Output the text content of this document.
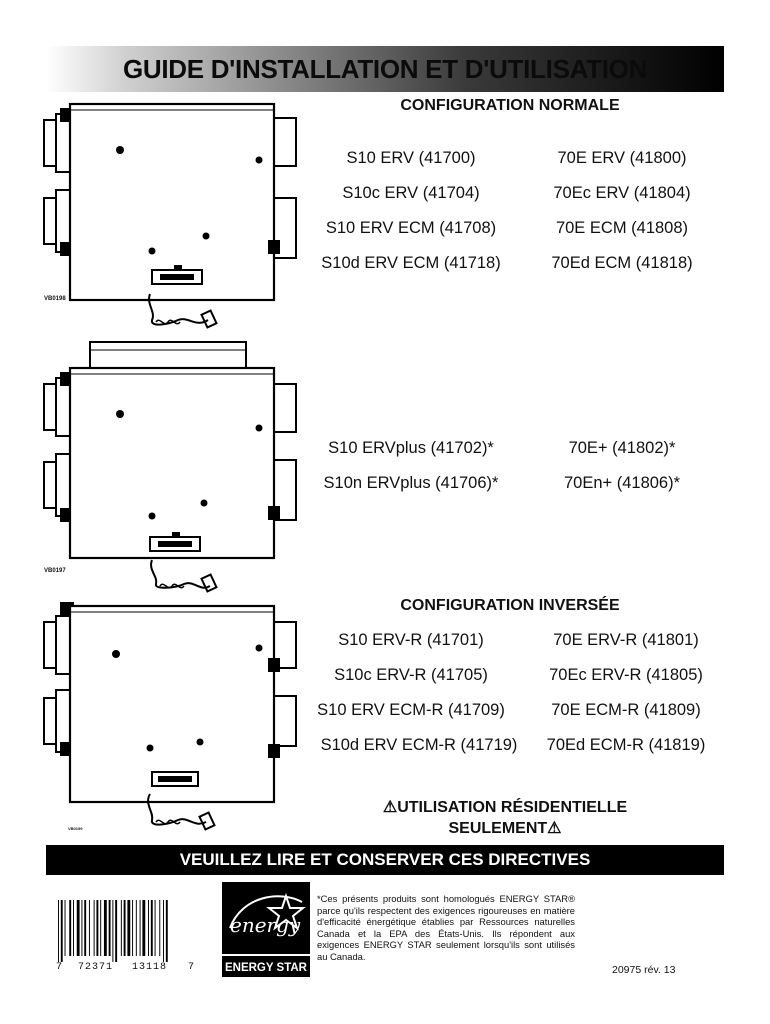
GUIDE D'INSTALLATION ET D'UTILISATION
VB0198
VB0197
VB0199
CONFIGURATION NORMALE
S10 ERV (41700)
S10c ERV (41704)
S10 ERV ECM (41708)
S10d ERV ECM (41718)
70E ERV (41800)
70Ec ERV (41804)
70E ECM (41808)
70Ed ECM (41818)
S10 ERVplus (41702)*
S10n ERVplus (41706)*
70E+ (41802)*
70En+ (41806)*
CONFIGURATION INVERSÉE
S10 ERV-R (41701)
S10c ERV-R (41705)
S10 ERV ECM-R (41709)
S10d ERV ECM-R (41719)
70E ERV-R (41801)
70Ec ERV-R (41805)
70E ECM-R (41809)
70Ed ECM-R (41819)
⚠UTILISATION RÉSIDENTIELLE
SEULEMENT⚠
VEUILLEZ LIRE ET CONSERVER CES DIRECTIVES
7 72371 13118 7
energy
ENERGY STAR
*Ces présents produits sont homologués ENERGY STAR® parce qu'ils respectent des exigences rigoureuses en matière d'efficacité énergétique établies par Ressources naturelles Canada et la EPA des États-Unis. Ils répondent aux exigences ENERGY STAR seulement lorsqu'ils sont utilisés au Canada.
20975 rév. 13
